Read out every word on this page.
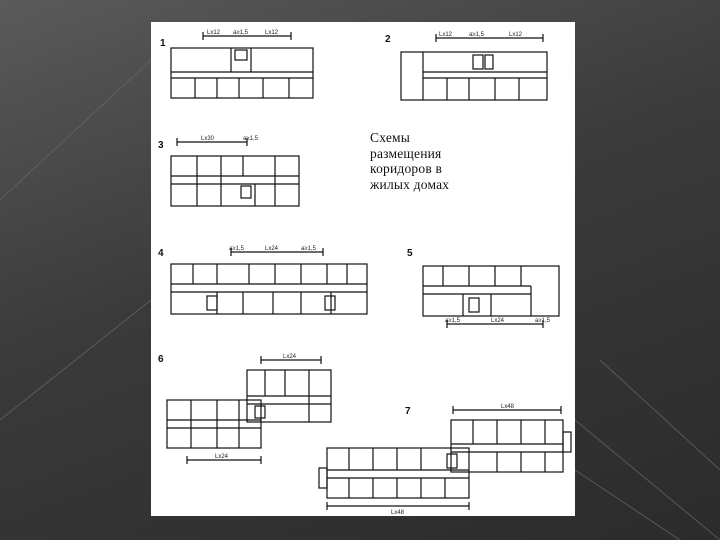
1	2
3
4	5
6
7
Lx12 a≥1,5	Lx12	Lx12	a≥1,5	Lx12
Lx30	a≥1,5
a≥1,5	Lx24	a≥1,5
a≥1,5	Lx24	a≥1,5
Lx24
Lx24
Lx48
Lx48
Схемы
размещения
коридоров в
жилых домах
